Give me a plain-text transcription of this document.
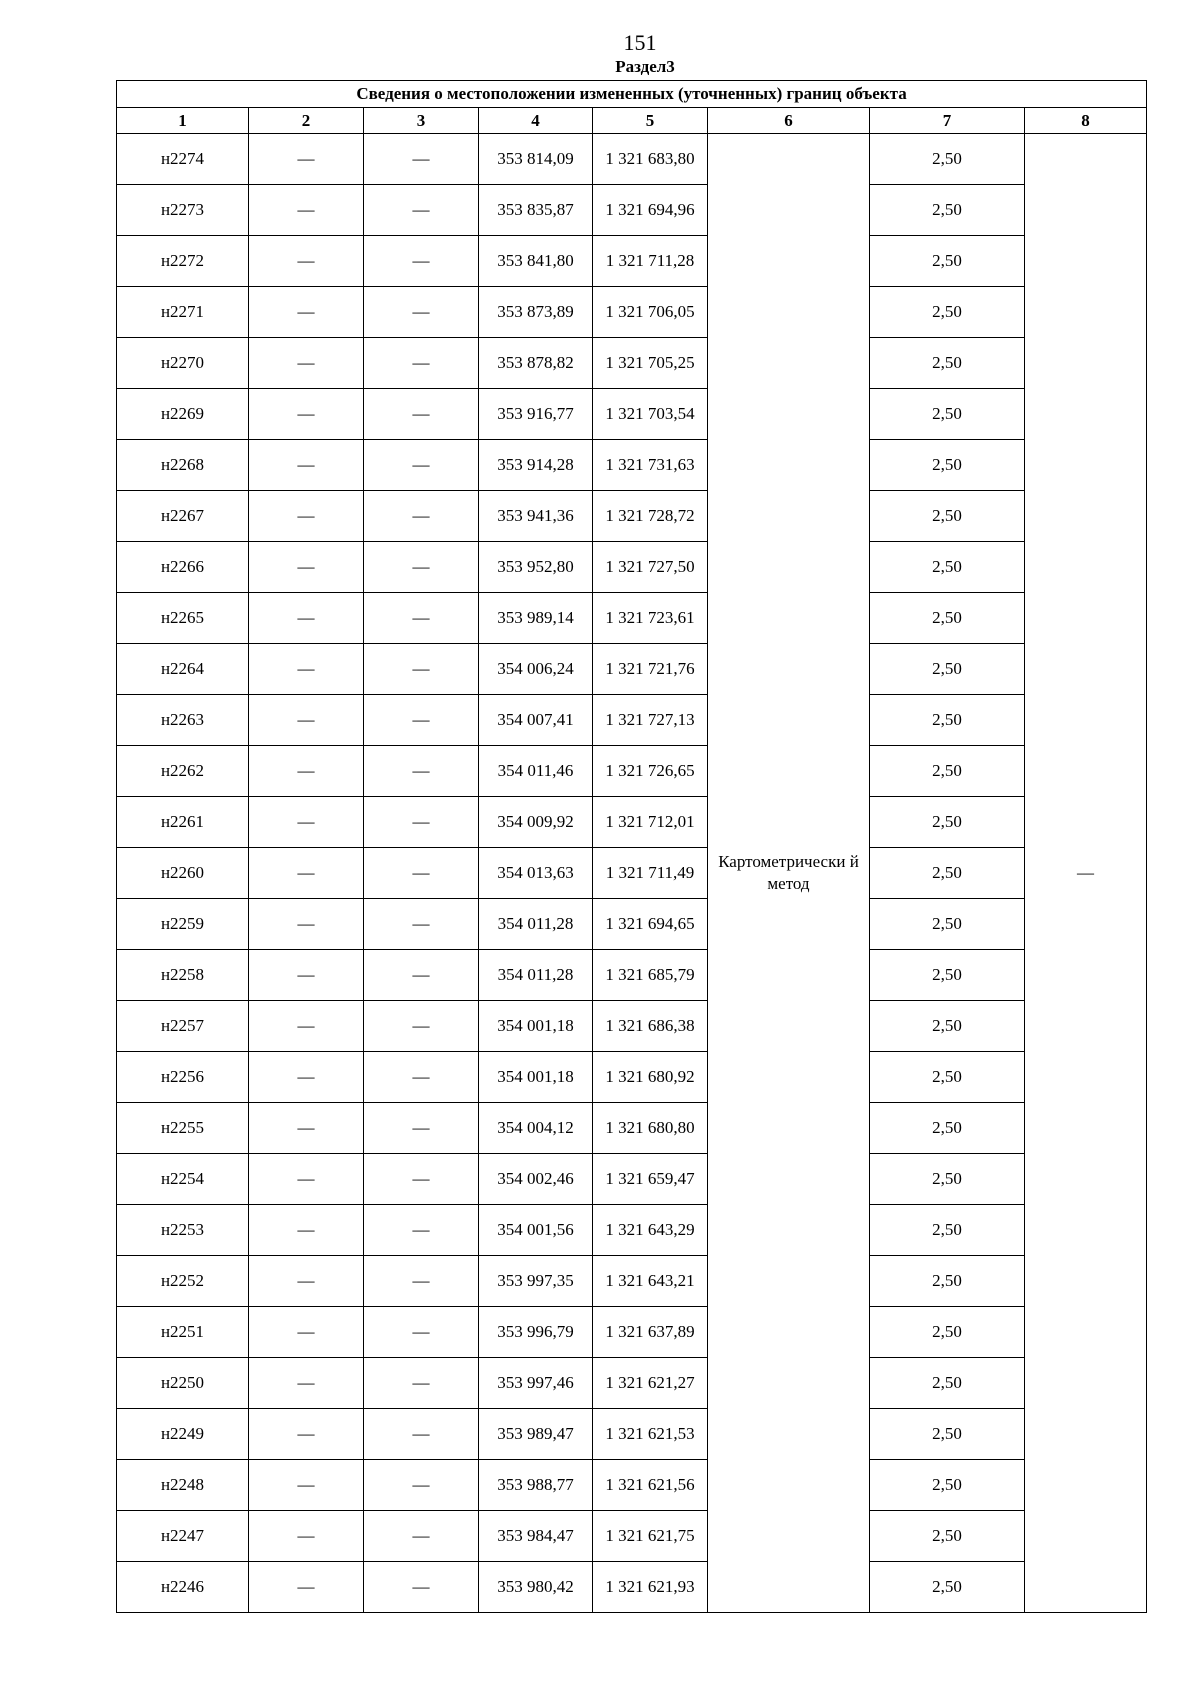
151
Раздел3
Сведения о местоположении измененных (уточненных) границ объекта							
1	2	3	4	5	6	7	8
н2274	—	—	353 814,09	1 321 683,80	Картометрически й метод	2,50	—
н2273	—	—	353 835,87	1 321 694,96		2,50	
н2272	—	—	353 841,80	1 321 711,28		2,50	
н2271	—	—	353 873,89	1 321 706,05		2,50	
н2270	—	—	353 878,82	1 321 705,25		2,50	
н2269	—	—	353 916,77	1 321 703,54		2,50	
н2268	—	—	353 914,28	1 321 731,63		2,50	
н2267	—	—	353 941,36	1 321 728,72		2,50	
н2266	—	—	353 952,80	1 321 727,50		2,50	
н2265	—	—	353 989,14	1 321 723,61		2,50	
н2264	—	—	354 006,24	1 321 721,76		2,50	
н2263	—	—	354 007,41	1 321 727,13		2,50	
н2262	—	—	354 011,46	1 321 726,65		2,50	
н2261	—	—	354 009,92	1 321 712,01		2,50	
н2260	—	—	354 013,63	1 321 711,49		2,50	
н2259	—	—	354 011,28	1 321 694,65		2,50	
н2258	—	—	354 011,28	1 321 685,79		2,50	
н2257	—	—	354 001,18	1 321 686,38		2,50	
н2256	—	—	354 001,18	1 321 680,92		2,50	
н2255	—	—	354 004,12	1 321 680,80		2,50	
н2254	—	—	354 002,46	1 321 659,47		2,50	
н2253	—	—	354 001,56	1 321 643,29		2,50	
н2252	—	—	353 997,35	1 321 643,21		2,50	
н2251	—	—	353 996,79	1 321 637,89		2,50	
н2250	—	—	353 997,46	1 321 621,27		2,50	
н2249	—	—	353 989,47	1 321 621,53		2,50	
н2248	—	—	353 988,77	1 321 621,56		2,50	
н2247	—	—	353 984,47	1 321 621,75		2,50	
н2246	—	—	353 980,42	1 321 621,93		2,50	
